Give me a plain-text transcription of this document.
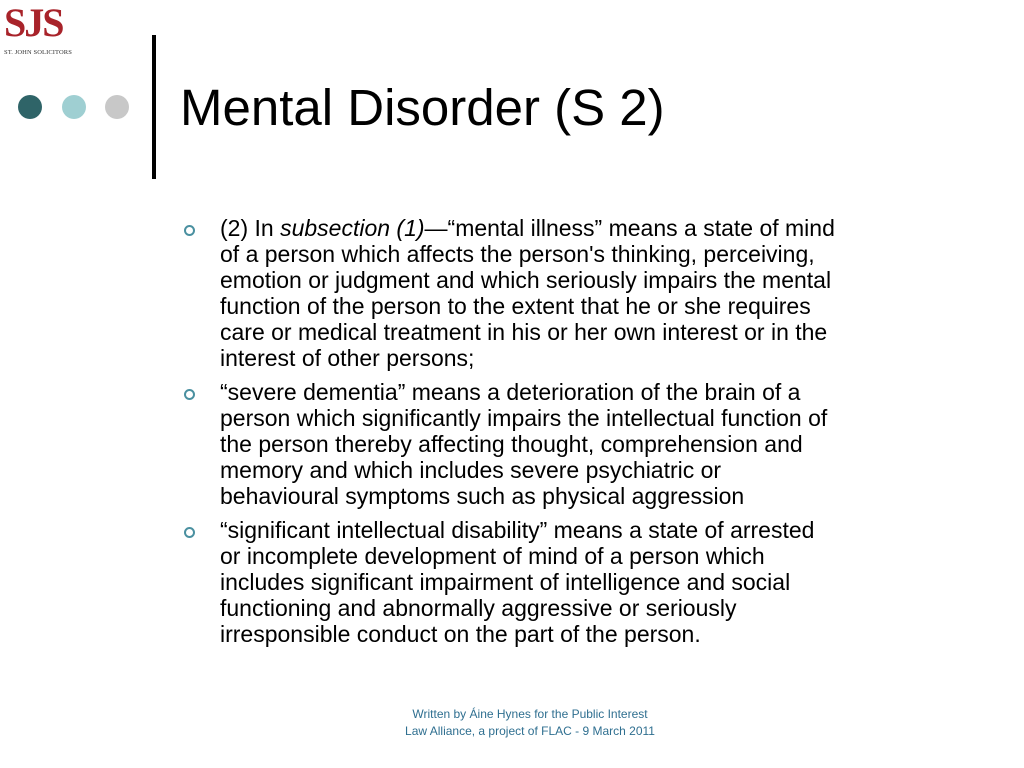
SJS
ST. JOHN SOLICITORS
Mental Disorder (S 2)
(2) In subsection (1)—“mental illness” means a state of mind
of a person which affects the person's thinking, perceiving,
emotion or judgment and which seriously impairs the mental
function of the person to the extent that he or she requires
care or medical treatment in his or her own interest or in the
interest of other persons;
“severe dementia” means a deterioration of the brain of a
person which significantly impairs the intellectual function of
the person thereby affecting thought, comprehension and
memory and which includes severe psychiatric or
behavioural symptoms such as physical aggression
“significant intellectual disability” means a state of arrested
or incomplete development of mind of a person which
includes significant impairment of intelligence and social
functioning and abnormally aggressive or seriously
irresponsible conduct on the part of the person.
Written by Áine Hynes for the Public Interest
Law Alliance, a project of FLAC - 9 March 2011
